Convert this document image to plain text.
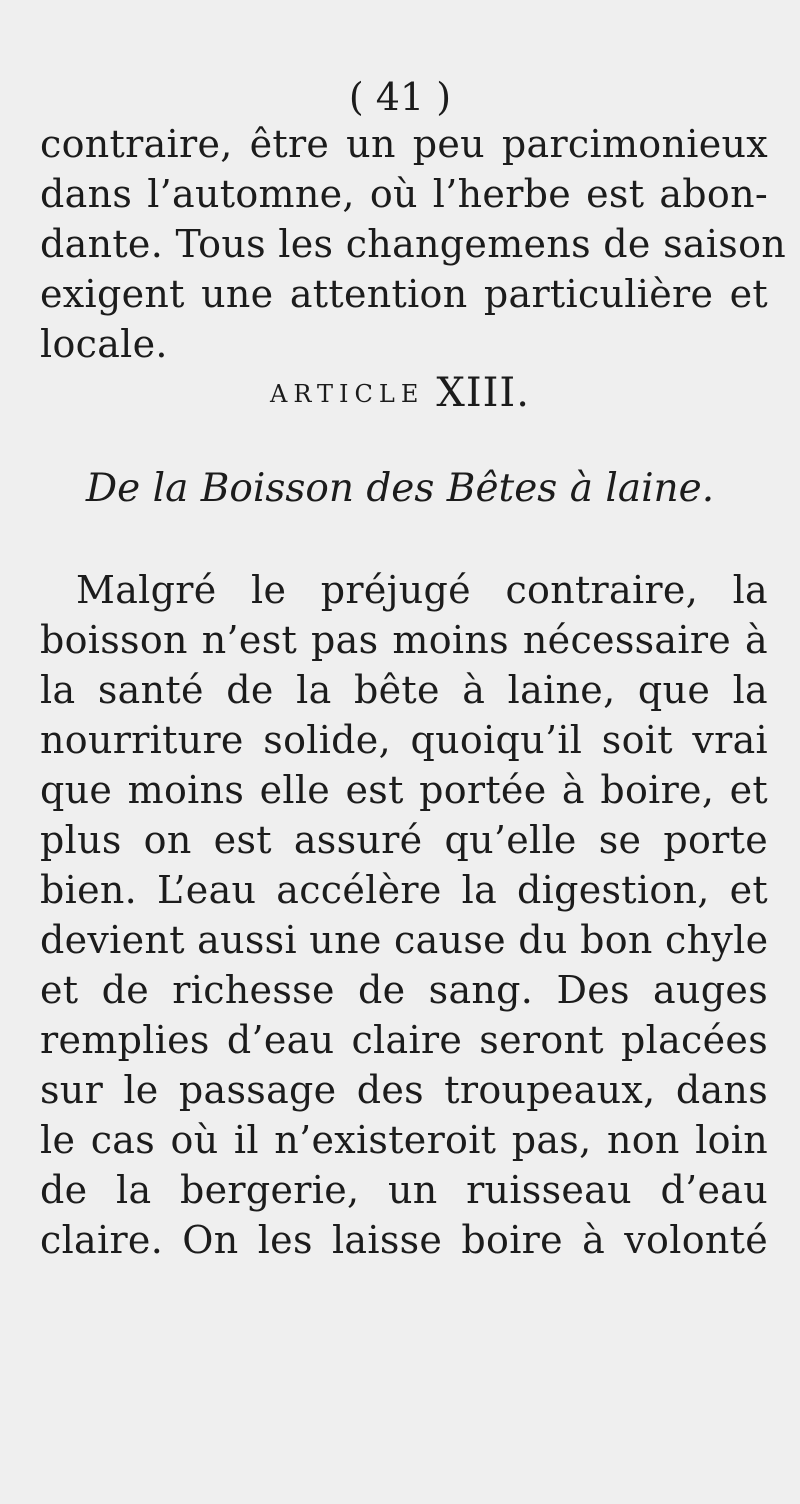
( 41 )
contraire, être un peu parcimonieux
dans l’automne, où l’herbe est abon-
dante. Tous les changemens de saison
exigent une attention particulière et
locale.
ARTICLE XIII.
De la Boisson des Bêtes à laine.
Malgré le préjugé contraire, la
boisson n’est pas moins nécessaire à
la santé de la bête à laine, que la
nourriture solide, quoiqu’il soit vrai
que moins elle est portée à boire, et
plus on est assuré qu’elle se porte
bien. L’eau accélère la digestion, et
devient aussi une cause du bon chyle
et de richesse de sang. Des auges
remplies d’eau claire seront placées
sur le passage des troupeaux, dans
le cas où il n’existeroit pas, non loin
de la bergerie, un ruisseau d’eau
claire. On les laisse boire à volonté
